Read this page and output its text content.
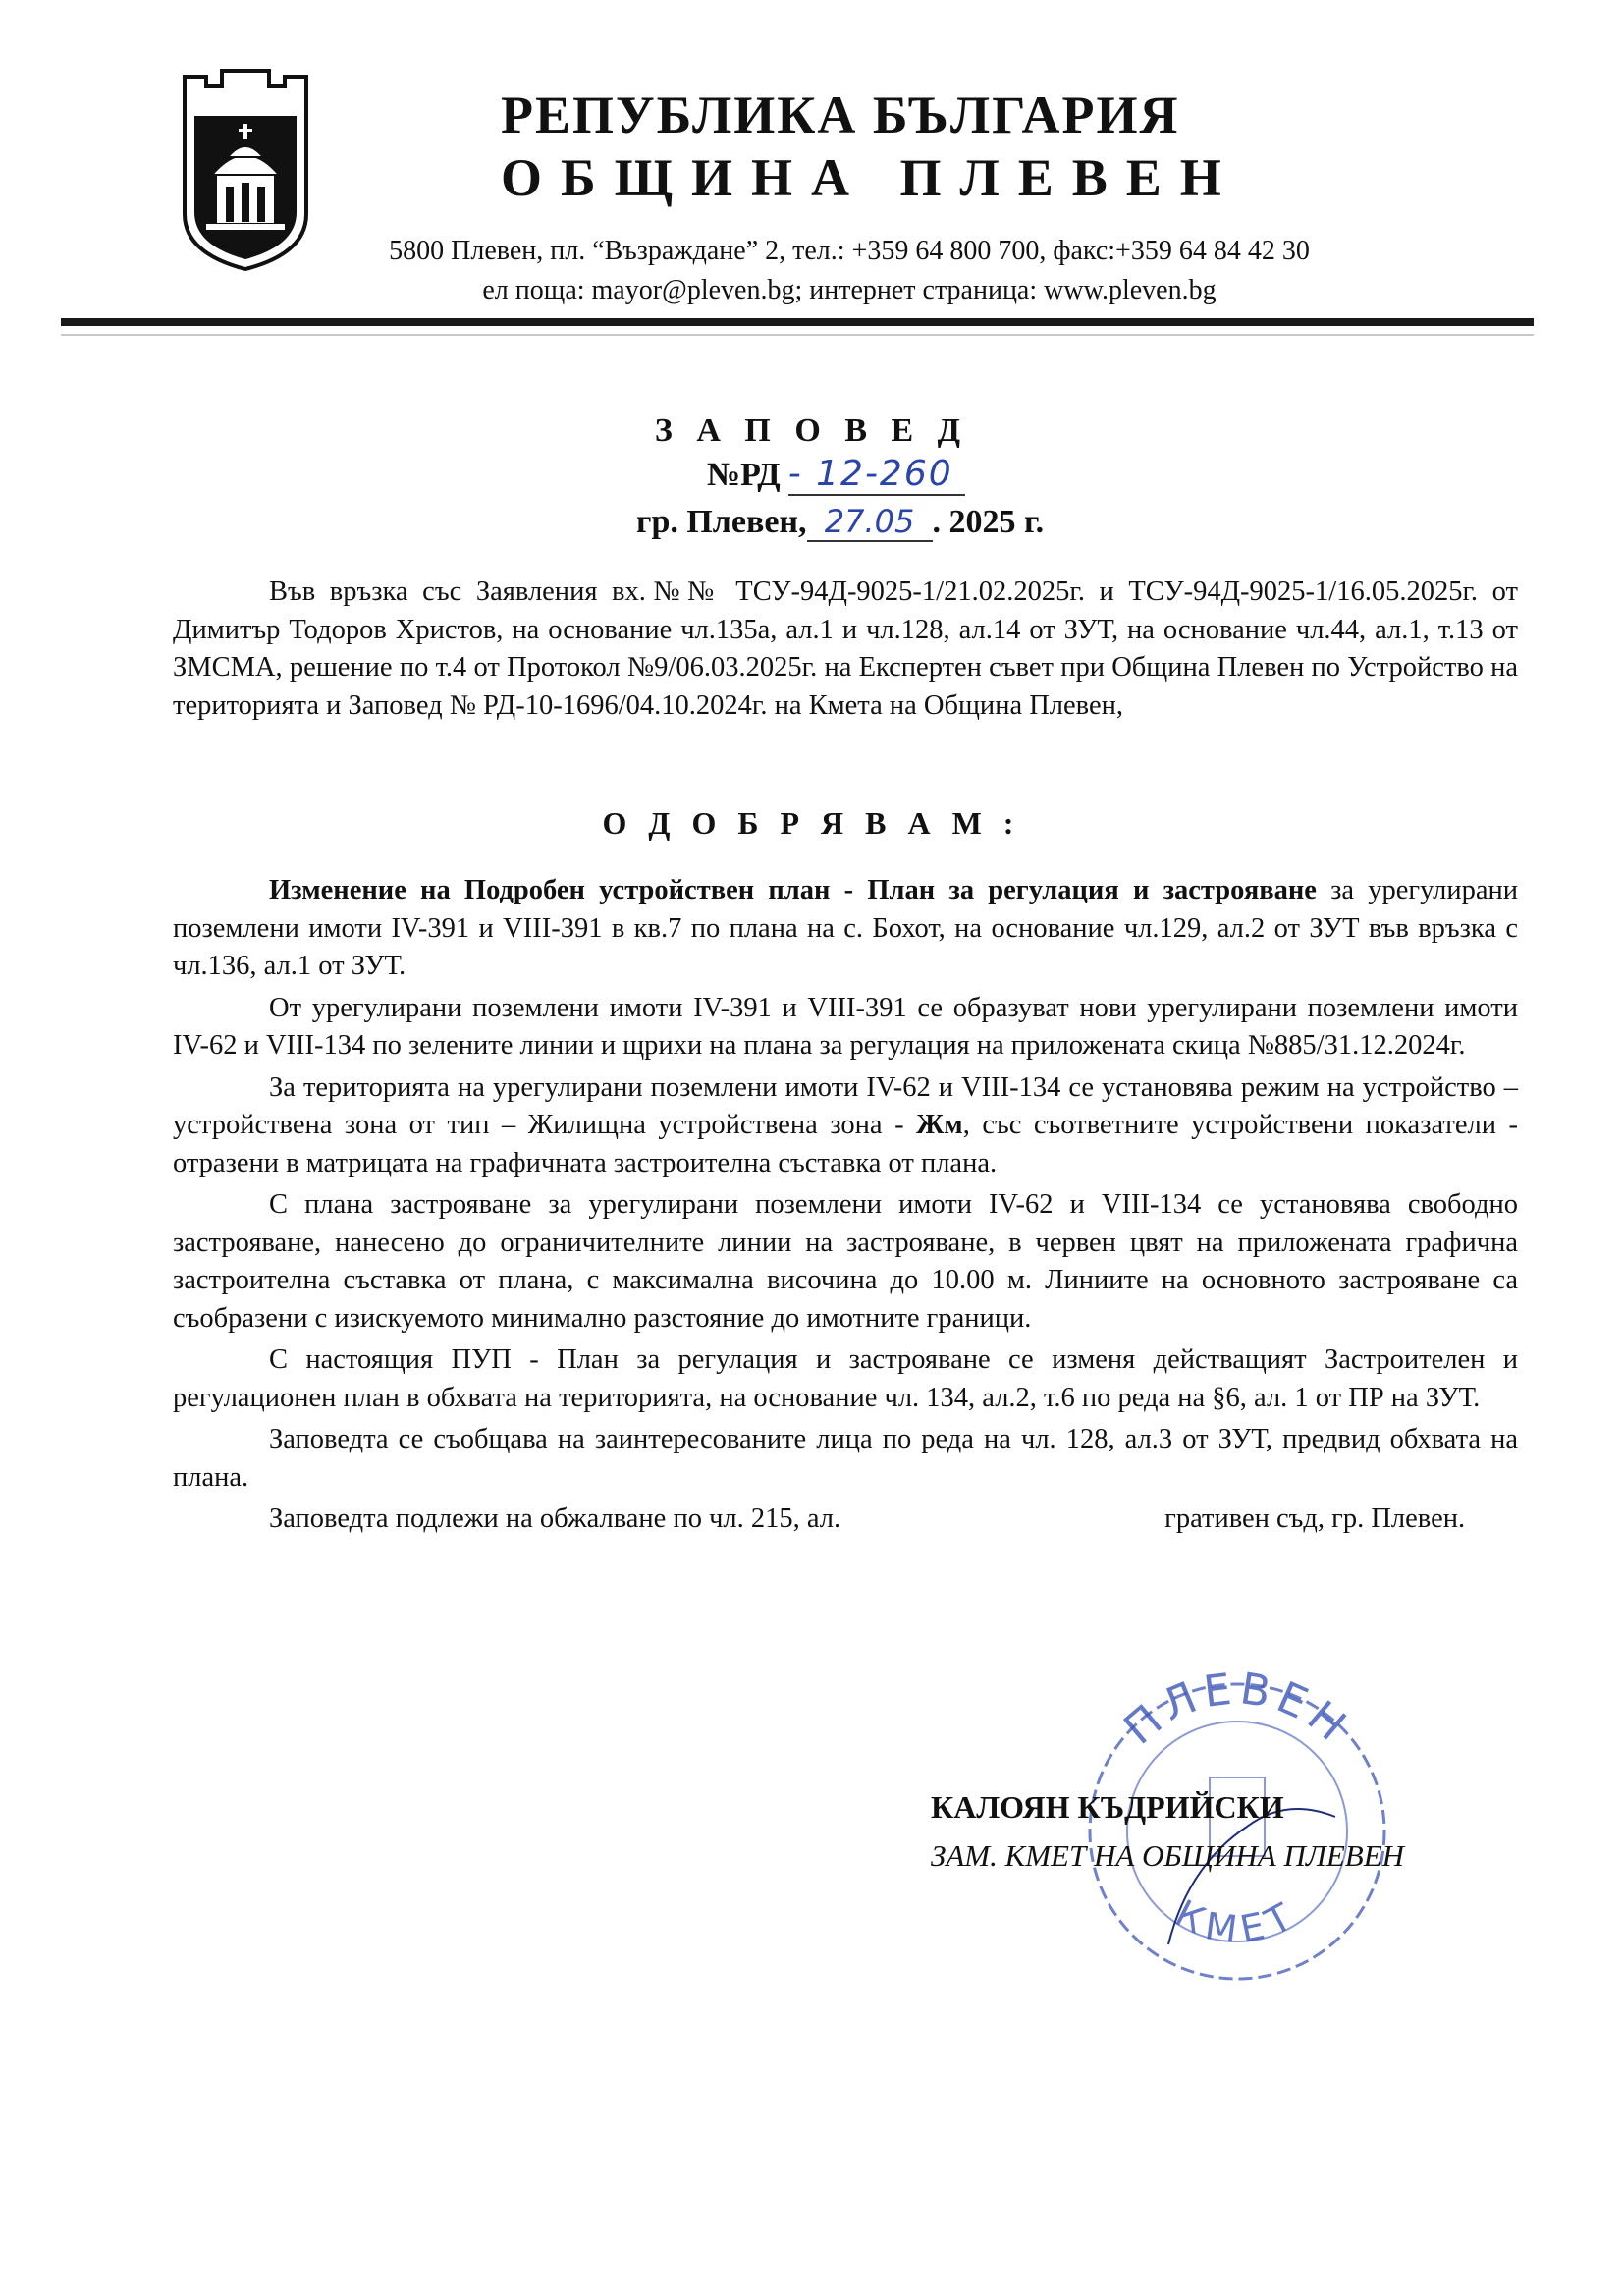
РЕПУБЛИКА БЪЛГАРИЯ
ОБЩИНА ПЛЕВЕН
5800 Плевен, пл. “Възраждане” 2, тел.: +359 64 800 700, факс:+359 64 84 42 30
ел поща: mayor@pleven.bg; интернет страница: www.pleven.bg
З А П О В Е Д
№РД - 12-260
гр. Плевен, 27.05 . 2025 г.

Във връзка със Заявления вх.№№ ТСУ-94Д-9025-1/21.02.2025г. и ТСУ-94Д-9025-1/16.05.2025г. от Димитър Тодоров Христов, на основание чл.135а, ал.1 и чл.128, ал.14 от ЗУТ, на основание чл.44, ал.1, т.13 от ЗМСМА, решение по т.4 от Протокол №9/06.03.2025г. на Експертен съвет при Община Плевен по Устройство на територията и Заповед № РД-10-1696/04.10.2024г. на Кмета на Община Плевен,

О Д О Б Р Я В А М :

Изменение на Подробен устройствен план - План за регулация и застрояване за урегулирани поземлени имоти IV-391 и VIII-391 в кв.7 по плана на с. Бохот, на основание чл.129, ал.2 от ЗУТ във връзка с чл.136, ал.1 от ЗУТ.

От урегулирани поземлени имоти IV-391 и VIII-391 се образуват нови урегулирани поземлени имоти IV-62 и VIII-134 по зелените линии и щрихи на плана за регулация на приложената скица №885/31.12.2024г.

За територията на урегулирани поземлени имоти IV-62 и VIII-134 се установява режим на устройство – устройствена зона от тип – Жилищна устройствена зона - Жм, със съответните устройствени показатели - отразени в матрицата на графичната застроителна съставка от плана.

С плана застрояване за урегулирани поземлени имоти IV-62 и VIII-134 се установява свободно застрояване, нанесено до ограничителните линии на застрояване, в червен цвят на приложената графична застроителна съставка от плана, с максимална височина до 10.00 м. Линиите на основното застрояване са съобразени с изискуемото минимално разстояние до имотните граници.

С настоящия ПУП - План за регулация и застрояване се изменя действащият Застроителен и регулационен план в обхвата на територията, на основание чл. 134, ал.2, т.6 по реда на §6, ал. 1 от ПР на ЗУТ.

Заповедта се съобщава на заинтересованите лица по реда на чл. 128, ал.3 от ЗУТ, предвид обхвата на плана.

Заповедта подлежи на обжалване по чл. 215, ал.	гративен съд, гр. Плевен.

ПЛЕВЕН
КМЕТ
КАЛОЯН КЪДРИЙСКИ
ЗАМ. КМЕТ НА ОБЩИНА ПЛЕВЕН
